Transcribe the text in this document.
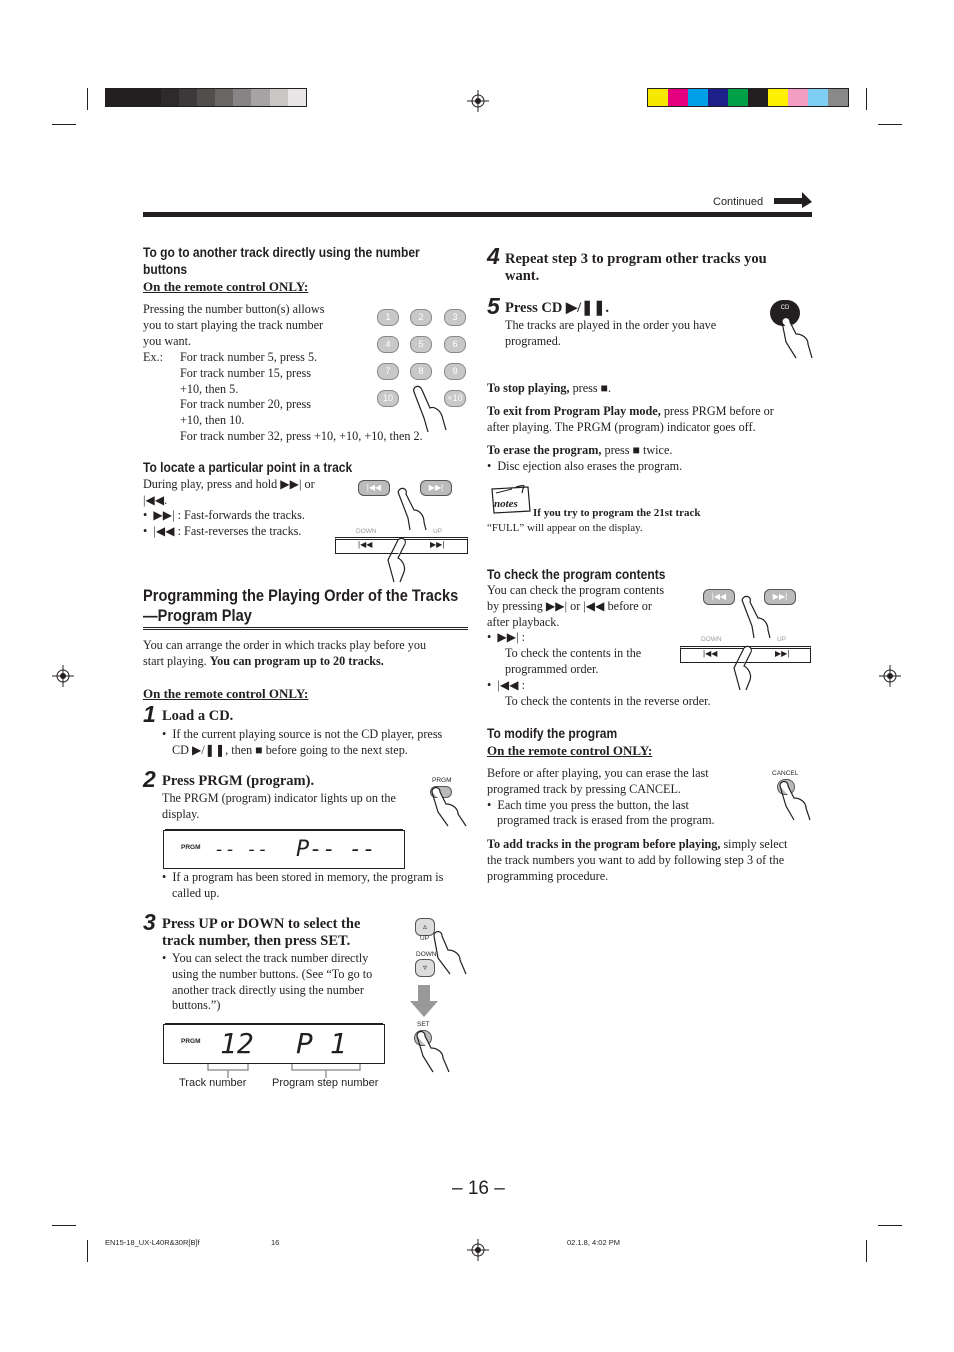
Continued
To go to another track directly using the number buttons
On the remote control ONLY:
Pressing the number button(s) allows
you to start playing the track number
you want.
Ex.: For track number 5, press 5.
For track number 15, press
+10, then 5.
For track number 20, press
+10, then 10.
For track number 32, press +10, +10, +10, then 2.
1	2	3
4	5	6
7	8	9
10	+10
To locate a particular point in a track
During play, press and hold ▶▶| or
|◀◀.
•  ▶▶| : Fast-forwards the tracks.
•  |◀◀ : Fast-reverses the tracks.
|◀◀	▶▶|
DOWN	UP
|◀◀	▶▶|
Programming the Playing Order of the Tracks
—Program Play
You can arrange the order in which tracks play before you
start playing. You can program up to 20 tracks.
On the remote control ONLY:
1 Load a CD.
•  If the current playing source is not the CD player, press
CD ▶/❚❚, then ■ before going to the next step.
2 Press PRGM (program).
The PRGM (program) indicator lights up on the
display.
PRGM
PRGM -- -- P-- --
•  If a program has been stored in memory, the program is
called up.
3 Press UP or DOWN to select the
track number, then press SET.
•  You can select the track number directly
using the number buttons. (See “To go to
another track directly using the number
buttons.”)
▵
UP
DOWN
▿
SET
PRGM 12 P 1
Track number Program step number
4 Repeat step 3 to program other tracks you
want.
5 Press CD ▶/❚❚.
The tracks are played in the order you have
programed.
CD
To stop playing, press ■.
To exit from Program Play mode, press PRGM before or
after playing. The PRGM (program) indicator goes off.
To erase the program, press ■ twice.
•  Disc ejection also erases the program.
notes
If you try to program the 21st track
“FULL” will appear on the display.
To check the program contents
You can check the program contents
by pressing ▶▶| or |◀◀ before or
after playback.
•  ▶▶| :
To check the contents in the
programmed order.
•  |◀◀ :
To check the contents in the reverse order.
|◀◀	▶▶|
DOWN	UP
|◀◀	▶▶|
To modify the program
On the remote control ONLY:
Before or after playing, you can erase the last
programed track by pressing CANCEL.
•  Each time you press the button, the last
programed track is erased from the program.
CANCEL
To add tracks in the program before playing, simply select
the track numbers you want to add by following step 3 of the
programming procedure.
– 16 –
EN15-18_UX-L40R&30R[B]f	16	02.1.8, 4:02 PM
